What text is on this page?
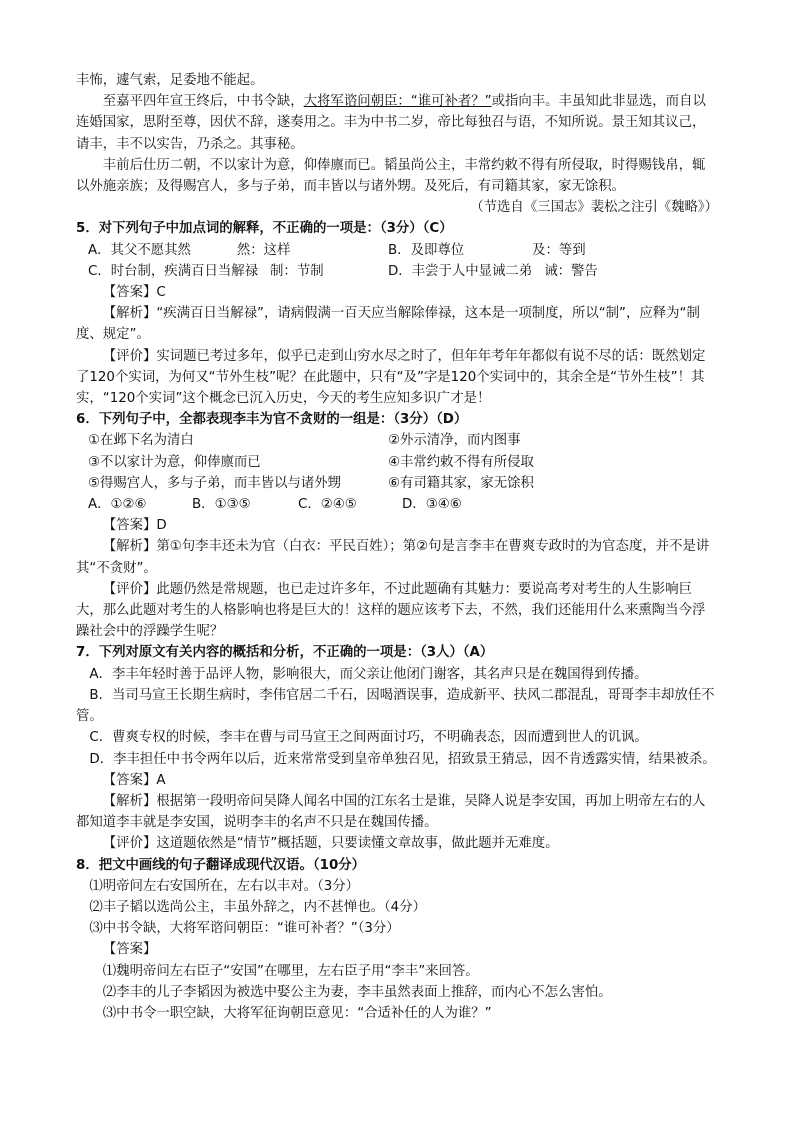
丰怖，遽气索，足委地不能起。

至嘉平四年宣王终后，中书令缺，大将军谘问朝臣：“谁可补者？”或指向丰。丰虽知此非显选，而自以连婚国家，思附至尊，因伏不辞，遂奏用之。丰为中书二岁，帝比每独召与语，不知所说。景王知其议己，请丰，丰不以实告，乃杀之。其事秘。

丰前后仕历二朝，不以家计为意，仰俸廪而已。韬虽尚公主，丰常约敕不得有所侵取，时得赐钱帛，辄以外施亲族；及得赐宫人，多与子弟，而丰皆以与诸外甥。及死后，有司籍其家，家无馀积。

（节选自《三国志》裴松之注引《魏略》）

5．对下列句子中加点词的解释，不正确的一项是：（3分）（C）

A．其父不愿其然	然：这样	B．及即尊位	及：等到
C．时台制，疾满百日当解禄 制：节制	D．丰尝于人中显诫二弟 诫：警告

【答案】C

【解析】“疾满百日当解禄”，请病假满一百天应当解除俸禄，这本是一项制度，所以“制”，应释为“制度、规定”。

【评价】实词题已考过多年，似乎已走到山穷水尽之时了，但年年考年年都似有说不尽的话：既然划定了120个实词，为何又“节外生枝”呢？在此题中，只有“及”字是120个实词中的，其余全是“节外生枝”！其实，“120个实词”这个概念已沉入历史，今天的考生应知多识广才是！

6．下列句子中，全都表现李丰为官不贪财的一组是：（3分）（D）

①在邺下名为清白	②外示清净，而内图事
③不以家计为意，仰俸廪而已	④丰常约敕不得有所侵取
⑤得赐宫人，多与子弟，而丰皆以与诸外甥	⑥有司籍其家，家无馀积
A．①②⑥	B．①③⑤	C．②④⑤	D．③④⑥

【答案】D

【解析】第①句李丰还未为官（白衣：平民百姓）；第②句是言李丰在曹爽专政时的为官态度，并不是讲其“不贪财”。

【评价】此题仍然是常规题，也已走过许多年，不过此题确有其魅力：要说高考对考生的人生影响巨大，那么此题对考生的人格影响也将是巨大的！这样的题应该考下去，不然，我们还能用什么来熏陶当今浮躁社会中的浮躁学生呢？

7．下列对原文有关内容的概括和分析，不正确的一项是：（3人）（A）

A．李丰年轻时善于品评人物，影响很大，而父亲让他闭门谢客，其名声只是在魏国得到传播。

B．当司马宣王长期生病时，李伟官居二千石，因喝酒误事，造成新平、扶风二郡混乱，哥哥李丰却放任不管。

C．曹爽专权的时候，李丰在曹与司马宣王之间两面讨巧，不明确表态，因而遭到世人的讥讽。

D．李丰担任中书令两年以后，近来常常受到皇帝单独召见，招致景王猜忌，因不肯透露实情，结果被杀。

【答案】A

【解析】根据第一段明帝问吴降人闻名中国的江东名士是谁，吴降人说是李安国，再加上明帝左右的人都知道李丰就是李安国，说明李丰的名声不只是在魏国传播。

【评价】这道题依然是“情节”概括题，只要读懂文章故事，做此题并无难度。

8．把文中画线的句子翻译成现代汉语。（10分）

⑴明帝问左右安国所在，左右以丰对。（3分）

⑵丰子韬以选尚公主，丰虽外辞之，内不甚惮也。（4分）

⑶中书令缺，大将军谘问朝臣：“谁可补者？”（3分）

【答案】

⑴魏明帝问左右臣子“安国”在哪里，左右臣子用“李丰”来回答。

⑵李丰的儿子李韬因为被选中娶公主为妻，李丰虽然表面上推辞，而内心不怎么害怕。

⑶中书令一职空缺，大将军征询朝臣意见：“合适补任的人为谁？”
